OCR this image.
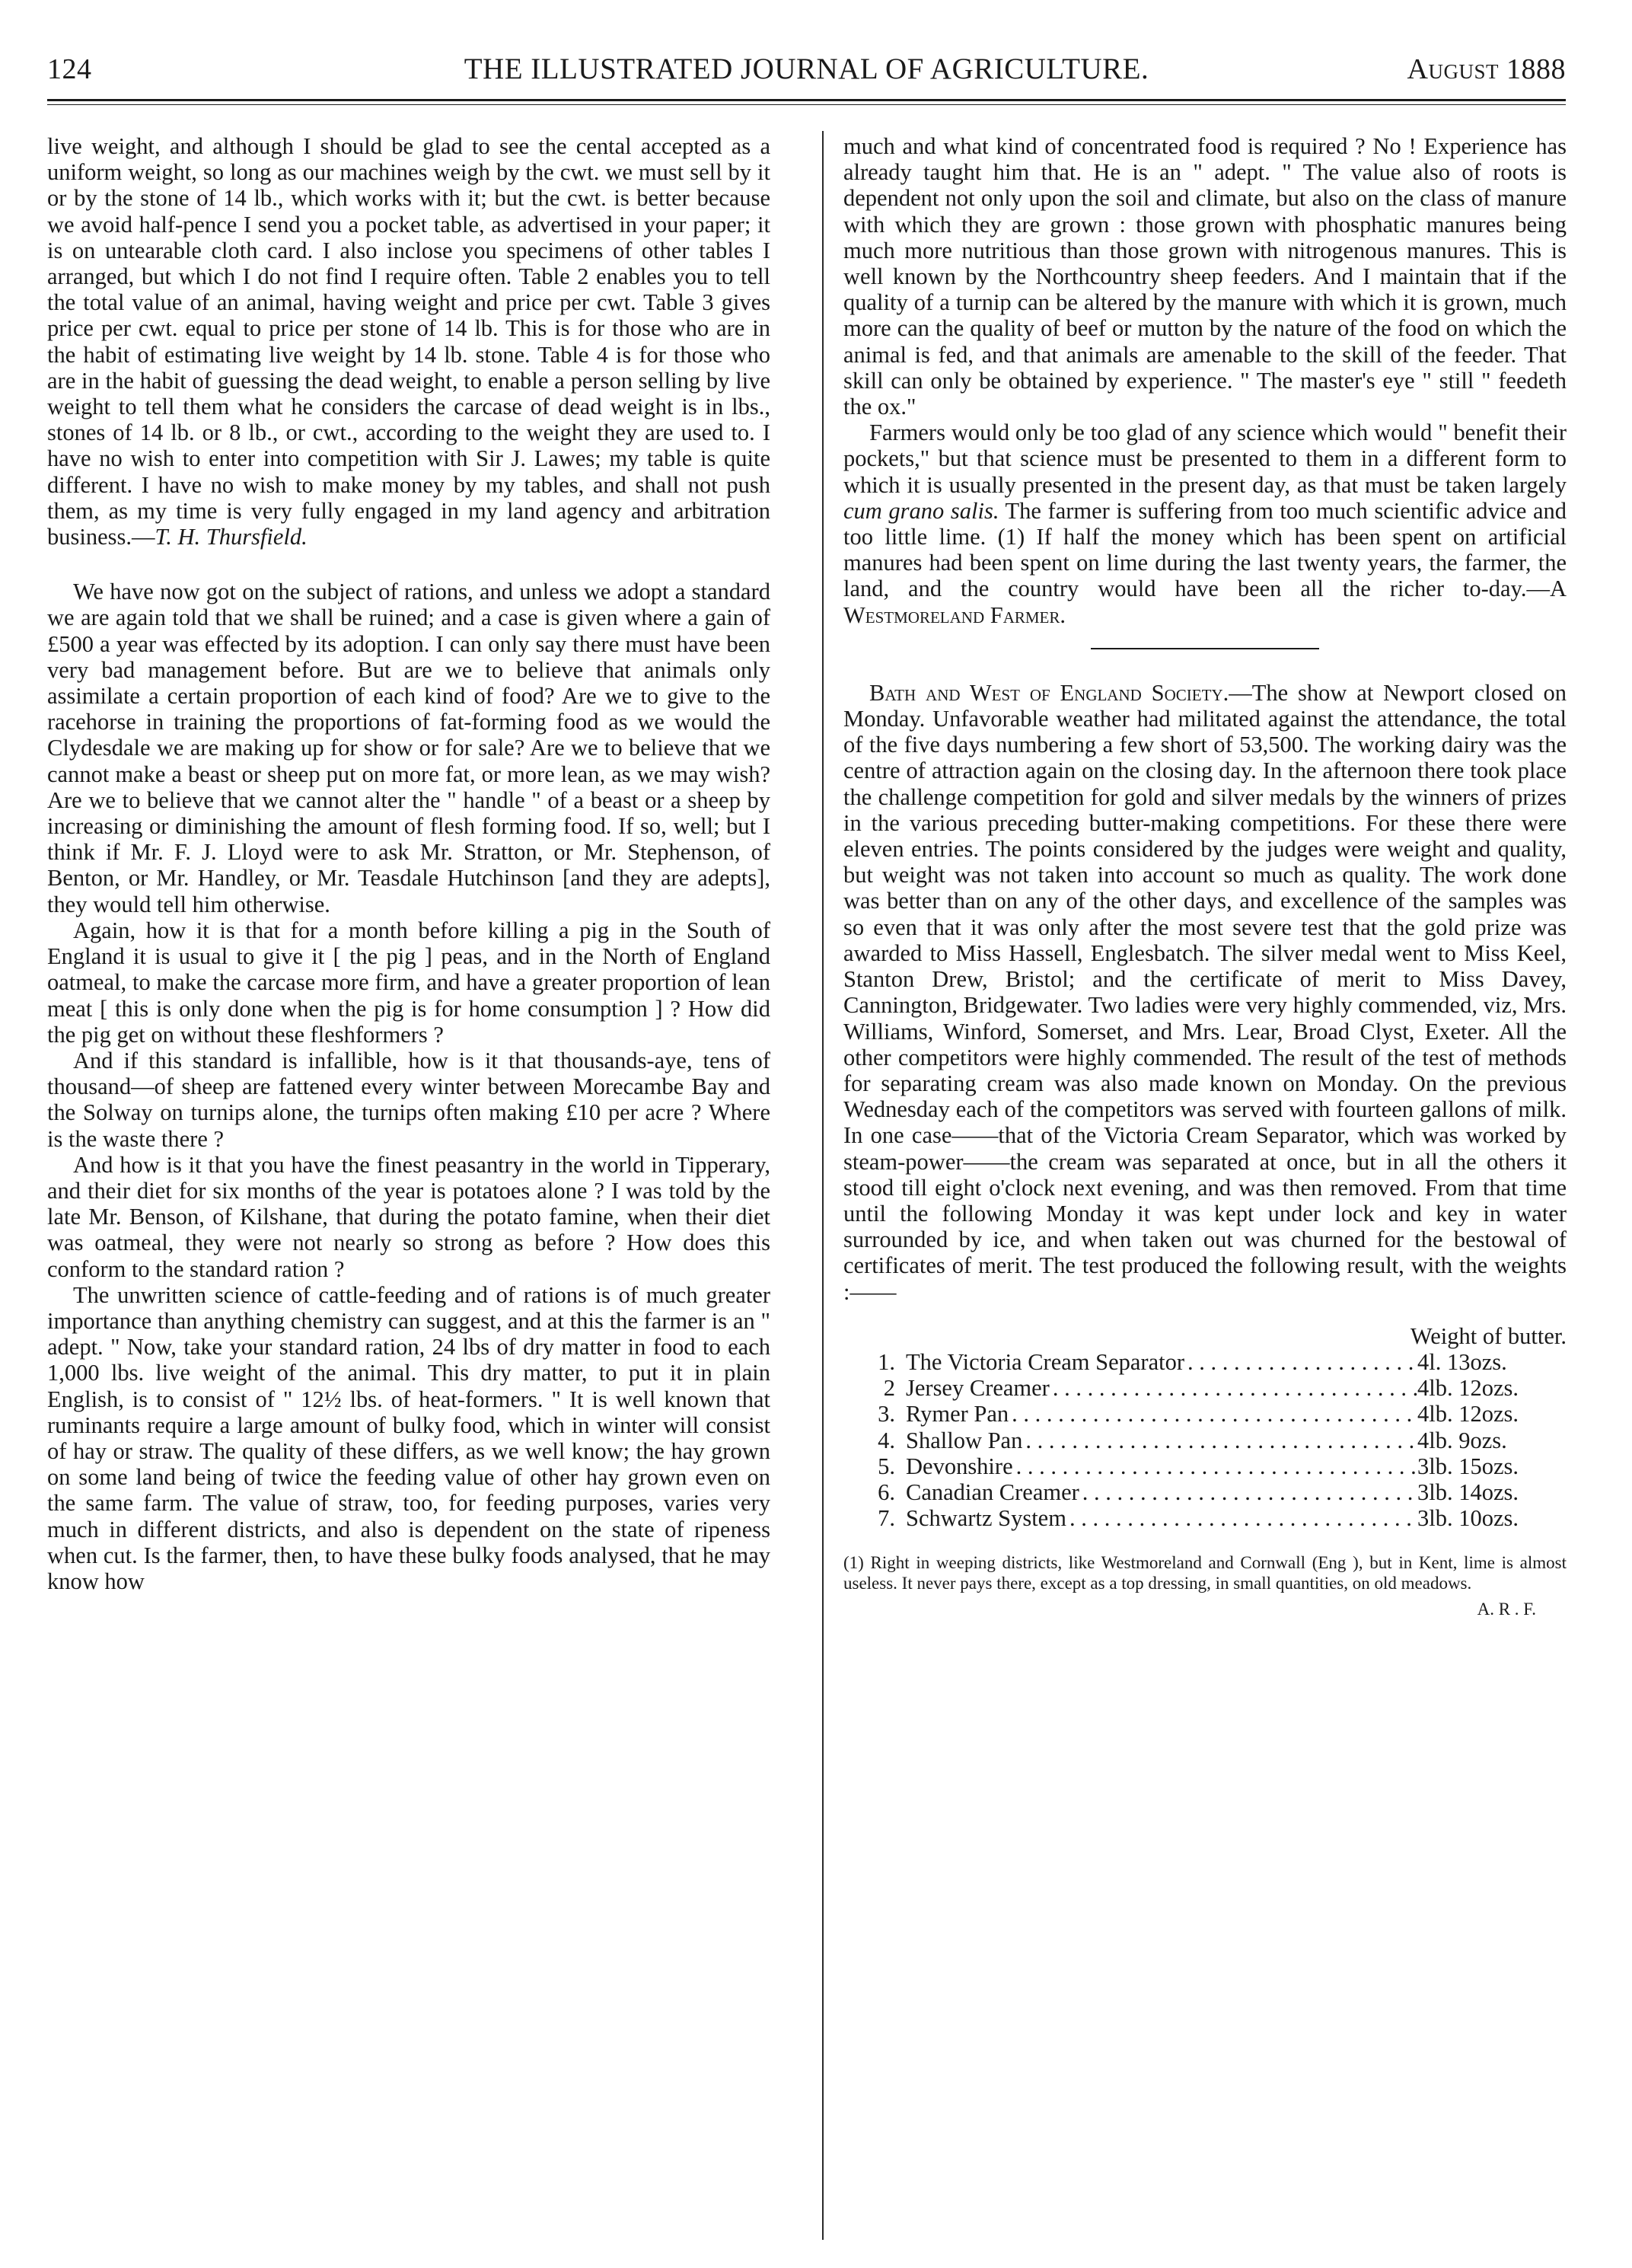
124	THE ILLUSTRATED JOURNAL OF AGRICULTURE.	August 1888

live weight, and although I should be glad to see the cental accepted as a uniform weight, so long as our machines weigh by the cwt. we must sell by it or by the stone of 14 lb., which works with it; but the cwt. is better because we avoid half-pence I send you a pocket table, as advertised in your paper; it is on untearable cloth card. I also inclose you specimens of other tables I arranged, but which I do not find I require often. Table 2 enables you to tell the total value of an animal, having weight and price per cwt. Table 3 gives price per cwt. equal to price per stone of 14 lb. This is for those who are in the habit of estimating live weight by 14 lb. stone. Table 4 is for those who are in the habit of guessing the dead weight, to enable a person selling by live weight to tell them what he considers the carcase of dead weight is in lbs., stones of 14 lb. or 8 lb., or cwt., according to the weight they are used to. I have no wish to enter into competition with Sir J. Lawes; my table is quite different. I have no wish to make money by my tables, and shall not push them, as my time is very fully engaged in my land agency and arbitration business.—T. H. Thursfield.

We have now got on the subject of rations, and unless we adopt a standard we are again told that we shall be ruined; and a case is given where a gain of £500 a year was effected by its adoption. I can only say there must have been very bad management before. But are we to believe that animals only assimilate a certain proportion of each kind of food? Are we to give to the racehorse in training the proportions of fat-forming food as we would the Clydesdale we are making up for show or for sale? Are we to believe that we cannot make a beast or sheep put on more fat, or more lean, as we may wish? Are we to believe that we cannot alter the " handle " of a beast or a sheep by increasing or diminishing the amount of flesh forming food. If so, well; but I think if Mr. F. J. Lloyd were to ask Mr. Stratton, or Mr. Stephenson, of Benton, or Mr. Handley, or Mr. Teasdale Hutchinson [and they are adepts], they would tell him otherwise.

Again, how it is that for a month before killing a pig in the South of England it is usual to give it [ the pig ] peas, and in the North of England oatmeal, to make the carcase more firm, and have a greater proportion of lean meat [ this is only done when the pig is for home consumption ] ? How did the pig get on without these fleshformers ?

And if this standard is infallible, how is it that thousands-aye, tens of thousand—of sheep are fattened every winter between Morecambe Bay and the Solway on turnips alone, the turnips often making £10 per acre ? Where is the waste there ?

And how is it that you have the finest peasantry in the world in Tipperary, and their diet for six months of the year is potatoes alone ? I was told by the late Mr. Benson, of Kilshane, that during the potato famine, when their diet was oatmeal, they were not nearly so strong as before ? How does this conform to the standard ration ?

The unwritten science of cattle-feeding and of rations is of much greater importance than anything chemistry can suggest, and at this the farmer is an " adept. " Now, take your standard ration, 24 lbs of dry matter in food to each 1,000 lbs. live weight of the animal. This dry matter, to put it in plain English, is to consist of " 12½ lbs. of heat-formers. " It is well known that ruminants require a large amount of bulky food, which in winter will consist of hay or straw. The quality of these differs, as we well know; the hay grown on some land being of twice the feeding value of other hay grown even on the same farm. The value of straw, too, for feeding purposes, varies very much in different districts, and also is dependent on the state of ripeness when cut. Is the farmer, then, to have these bulky foods analysed, that he may know how

much and what kind of concentrated food is required ? No ! Experience has already taught him that. He is an " adept. " The value also of roots is dependent not only upon the soil and climate, but also on the class of manure with which they are grown : those grown with phosphatic manures being much more nutritious than those grown with nitrogenous manures. This is well known by the Northcountry sheep feeders. And I maintain that if the quality of a turnip can be altered by the manure with which it is grown, much more can the quality of beef or mutton by the nature of the food on which the animal is fed, and that animals are amenable to the skill of the feeder. That skill can only be obtained by experience. " The master's eye " still " feedeth the ox."

Farmers would only be too glad of any science which would " benefit their pockets," but that science must be presented to them in a different form to which it is usually presented in the present day, as that must be taken largely cum grano salis. The farmer is suffering from too much scientific advice and too little lime. (1) If half the money which has been spent on artificial manures had been spent on lime during the last twenty years, the farmer, the land, and the country would have been all the richer to-day.—A Westmoreland Farmer.

Bath and West of England Society.—The show at Newport closed on Monday. Unfavorable weather had militated against the attendance, the total of the five days numbering a few short of 53,500. The working dairy was the centre of attraction again on the closing day. In the afternoon there took place the challenge competition for gold and silver medals by the winners of prizes in the various preceding butter-making competitions. For these there were eleven entries. The points considered by the judges were weight and quality, but weight was not taken into account so much as quality. The work done was better than on any of the other days, and excellence of the samples was so even that it was only after the most severe test that the gold prize was awarded to Miss Hassell, Englesbatch. The silver medal went to Miss Keel, Stanton Drew, Bristol; and the certificate of merit to Miss Davey, Cannington, Bridgewater. Two ladies were very highly commended, viz, Mrs. Williams, Winford, Somerset, and Mrs. Lear, Broad Clyst, Exeter. All the other competitors were highly commended. The result of the test of methods for separating cream was also made known on Monday. On the previous Wednesday each of the competitors was served with fourteen gallons of milk. In one case——that of the Victoria Cream Separator, which was worked by steam-power——the cream was separated at once, but in all the others it stood till eight o'clock next evening, and was then removed. From that time until the following Monday it was kept under lock and key in water surrounded by ice, and when taken out was churned for the bestowal of certificates of merit. The test produced the following result, with the weights :——

Weight of butter.
1. The Victoria Cream Separator . . .	4l. 13ozs.
2 Jersey Creamer . . .	4lb. 12ozs.
3. Rymer Pan . . .	4lb. 12ozs.
4. Shallow Pan . . .	4lb. 9ozs.
5. Devonshire . . .	3lb. 15ozs.
6. Canadian Creamer . . .	3lb. 14ozs.
7. Schwartz System . . .	3lb. 10ozs.

(1) Right in weeping districts, like Westmoreland and Cornwall (Eng ), but in Kent, lime is almost useless. It never pays there, except as a top dressing, in small quantities, on old meadows.

A. R . F.
